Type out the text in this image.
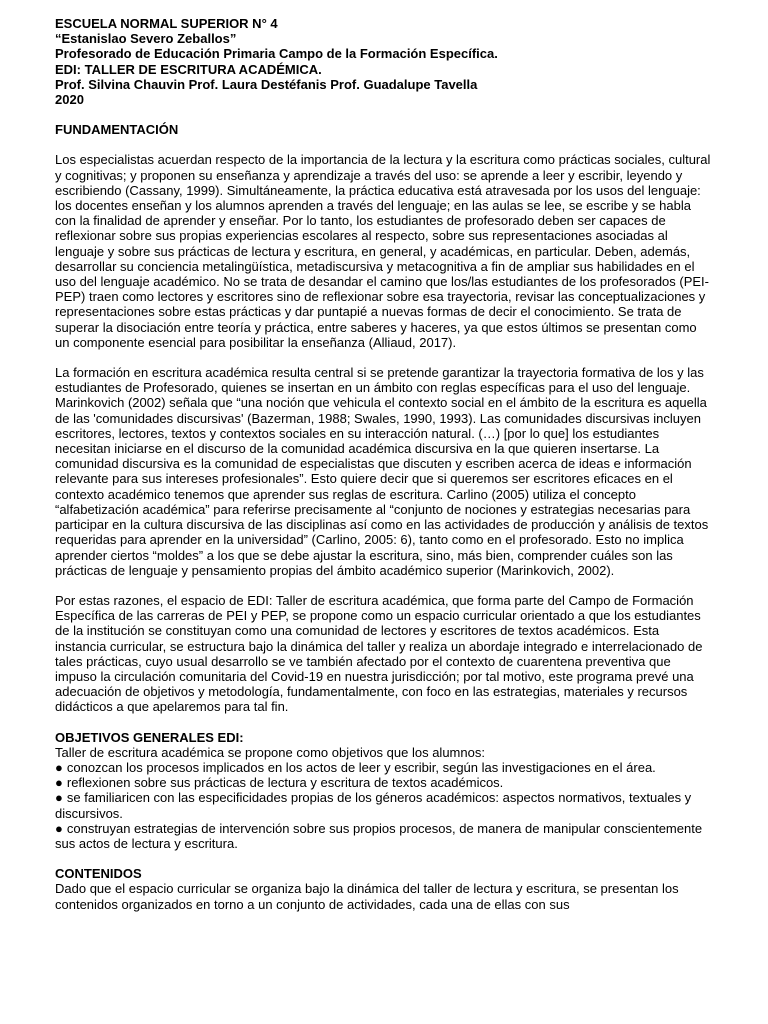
ESCUELA NORMAL SUPERIOR N° 4

“Estanislao Severo Zeballos”

Profesorado de Educación Primaria Campo de la Formación Específica.

EDI: TALLER DE ESCRITURA ACADÉMICA.

Prof. Silvina Chauvin Prof. Laura Destéfanis Prof. Guadalupe Tavella

2020

FUNDAMENTACIÓN

Los especialistas acuerdan respecto de la importancia de la lectura y la escritura como prácticas sociales, cultural y cognitivas; y proponen su enseñanza y aprendizaje a través del uso: se aprende a leer y escribir, leyendo y escribiendo (Cassany, 1999). Simultáneamente, la práctica educativa está atravesada por los usos del lenguaje: los docentes enseñan y los alumnos aprenden a través del lenguaje; en las aulas se lee, se escribe y se habla con la finalidad de aprender y enseñar. Por lo tanto, los estudiantes de profesorado deben ser capaces de reflexionar sobre sus propias experiencias escolares al respecto, sobre sus representaciones asociadas al lenguaje y sobre sus prácticas de lectura y escritura, en general, y académicas, en particular. Deben, además, desarrollar su conciencia metalingüística, metadiscursiva y metacognitiva a fin de ampliar sus habilidades en el uso del lenguaje académico. No se trata de desandar el camino que los/las estudiantes de los profesorados (PEI-PEP) traen como lectores y escritores sino de reflexionar sobre esa trayectoria, revisar las conceptualizaciones y representaciones sobre estas prácticas y dar puntapié a nuevas formas de decir el conocimiento. Se trata de superar la disociación entre teoría y práctica, entre saberes y haceres, ya que estos últimos se presentan como un componente esencial para posibilitar la enseñanza (Alliaud, 2017).

La formación en escritura académica resulta central si se pretende garantizar la trayectoria formativa de los y las estudiantes de Profesorado, quienes se insertan en un ámbito con reglas específicas para el uso del lenguaje. Marinkovich (2002) señala que “una noción que vehicula el contexto social en el ámbito de la escritura es aquella de las 'comunidades discursivas' (Bazerman, 1988; Swales, 1990, 1993). Las comunidades discursivas incluyen escritores, lectores, textos y contextos sociales en su interacción natural. (…) [por lo que] los estudiantes necesitan iniciarse en el discurso de la comunidad académica discursiva en la que quieren insertarse. La comunidad discursiva es la comunidad de especialistas que discuten y escriben acerca de ideas e información relevante para sus intereses profesionales”. Esto quiere decir que si queremos ser escritores eficaces en el contexto académico tenemos que aprender sus reglas de escritura. Carlino (2005) utiliza el concepto “alfabetización académica” para referirse precisamente al “conjunto de nociones y estrategias necesarias para participar en la cultura discursiva de las disciplinas así como en las actividades de producción y análisis de textos requeridas para aprender en la universidad” (Carlino, 2005: 6), tanto como en el profesorado. Esto no implica aprender ciertos “moldes” a los que se debe ajustar la escritura, sino, más bien, comprender cuáles son las prácticas de lenguaje y pensamiento propias del ámbito académico superior (Marinkovich, 2002).

Por estas razones, el espacio de EDI: Taller de escritura académica, que forma parte del Campo de Formación Específica de las carreras de PEI y PEP, se propone como un espacio curricular orientado a que los estudiantes de la institución se constituyan como una comunidad de lectores y escritores de textos académicos. Esta instancia curricular, se estructura bajo la dinámica del taller y realiza un abordaje integrado e interrelacionado de tales prácticas, cuyo usual desarrollo se ve también afectado por el contexto de cuarentena preventiva que impuso la circulación comunitaria del Covid-19 en nuestra jurisdicción; por tal motivo, este programa prevé una adecuación de objetivos y metodología, fundamentalmente, con foco en las estrategias, materiales y recursos didácticos a que apelaremos para tal fin.

OBJETIVOS GENERALES EDI:

Taller de escritura académica se propone como objetivos que los alumnos:

● conozcan los procesos implicados en los actos de leer y escribir, según las investigaciones en el área.
● reflexionen sobre sus prácticas de lectura y escritura de textos académicos.
● se familiaricen con las especificidades propias de los géneros académicos: aspectos normativos, textuales y discursivos.
● construyan estrategias de intervención sobre sus propios procesos, de manera de manipular conscientemente sus actos de lectura y escritura.

CONTENIDOS

Dado que el espacio curricular se organiza bajo la dinámica del taller de lectura y escritura, se presentan los contenidos organizados en torno a un conjunto de actividades, cada una de ellas con sus
